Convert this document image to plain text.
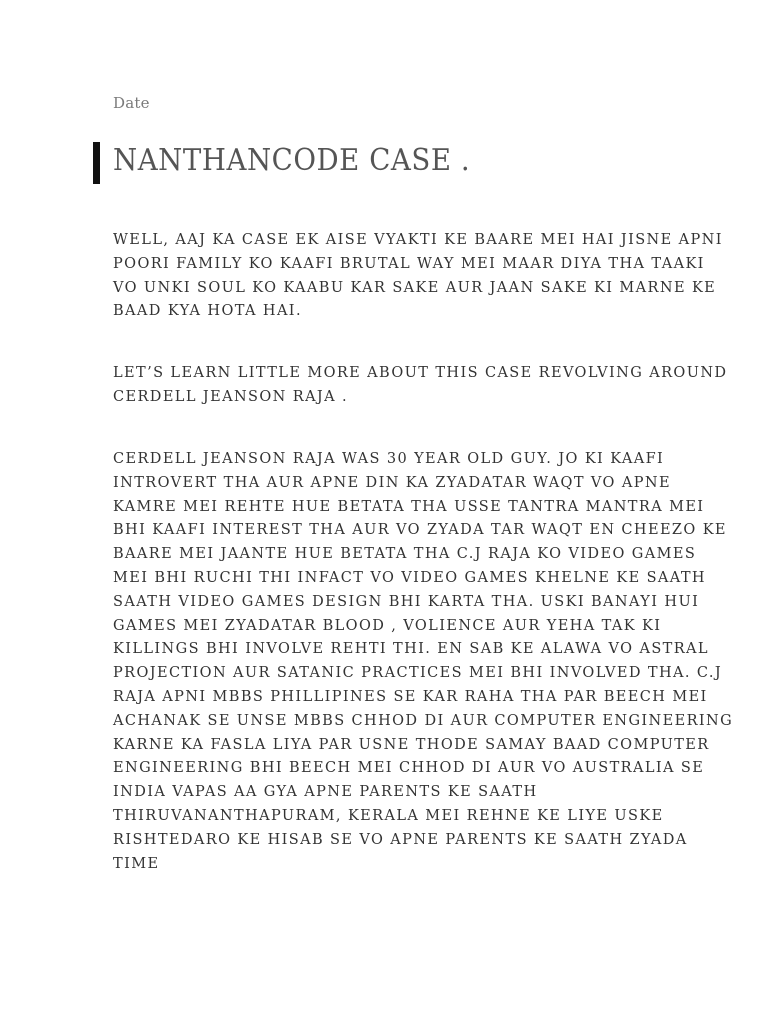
Date
NANTHANCODE CASE .

WELL, AAJ KA CASE EK AISE VYAKTI KE BAARE MEI HAI JISNE APNI
POORI FAMILY KO KAAFI BRUTAL WAY MEI MAAR DIYA THA TAAKI
VO UNKI SOUL KO KAABU KAR SAKE AUR JAAN SAKE KI MARNE KE
BAAD KYA HOTA HAI.

LET’S LEARN LITTLE MORE ABOUT THIS CASE REVOLVING AROUND
CERDELL JEANSON RAJA .

CERDELL JEANSON RAJA WAS 30 YEAR OLD GUY. JO KI KAAFI
INTROVERT THA AUR APNE DIN KA ZYADATAR WAQT VO APNE
KAMRE MEI REHTE HUE BETATA THA USSE TANTRA MANTRA MEI
BHI KAAFI INTEREST THA AUR VO ZYADA TAR WAQT EN CHEEZO KE
BAARE MEI JAANTE HUE BETATA THA C.J RAJA KO VIDEO GAMES
MEI BHI RUCHI THI INFACT VO VIDEO GAMES KHELNE KE SAATH
SAATH VIDEO GAMES DESIGN BHI KARTA THA. USKI BANAYI HUI
GAMES MEI ZYADATAR BLOOD , VOLIENCE AUR YEHA TAK KI
KILLINGS BHI INVOLVE REHTI THI. EN SAB KE ALAWA VO ASTRAL
PROJECTION AUR SATANIC PRACTICES MEI BHI INVOLVED THA. C.J
RAJA APNI MBBS PHILLIPINES SE KAR RAHA THA PAR BEECH MEI
ACHANAK SE UNSE MBBS CHHOD DI AUR COMPUTER ENGINEERING
KARNE KA FASLA LIYA PAR USNE THODE SAMAY BAAD COMPUTER
ENGINEERING BHI BEECH MEI CHHOD DI AUR VO AUSTRALIA SE
INDIA VAPAS AA GYA APNE PARENTS KE SAATH
THIRUVANANTHAPURAM, KERALA MEI REHNE KE LIYE USKE
RISHTEDARO KE HISAB SE VO APNE PARENTS KE SAATH ZYADA
TIME
